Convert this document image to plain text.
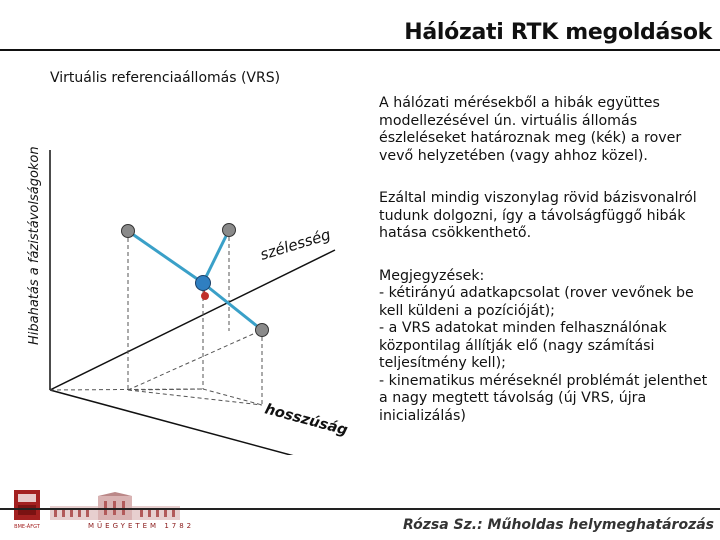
Hálózati RTK megoldások
Virtuális referenciaállomás (VRS)
Hibahatás a fázistávolságokon	szélesség
hosszúság

A hálózati mérésekből a hibák együttes modellezésével ún. virtuális állomás észleléseket határoznak meg (kék) a rover vevő helyzetében (vagy ahhoz közel).

Ezáltal mindig viszonylag rövid bázisvonalról tudunk dolgozni, így a távolságfüggő hibák hatása csökkenthető.

Megjegyzések:
- kétirányú adatkapcsolat (rover vevőnek be kell küldeni a pozícióját);
- a VRS adatokat minden felhasználónak központilag állítják elő (nagy számítási teljesítmény kell);
- kinematikus méréseknél problémát jelenthet a nagy megtett távolság (új VRS, újra inicializálás)
BME-ÁFGT	MŰEGYETEM 1782	Rózsa Sz.: Műholdas helymeghatározás
